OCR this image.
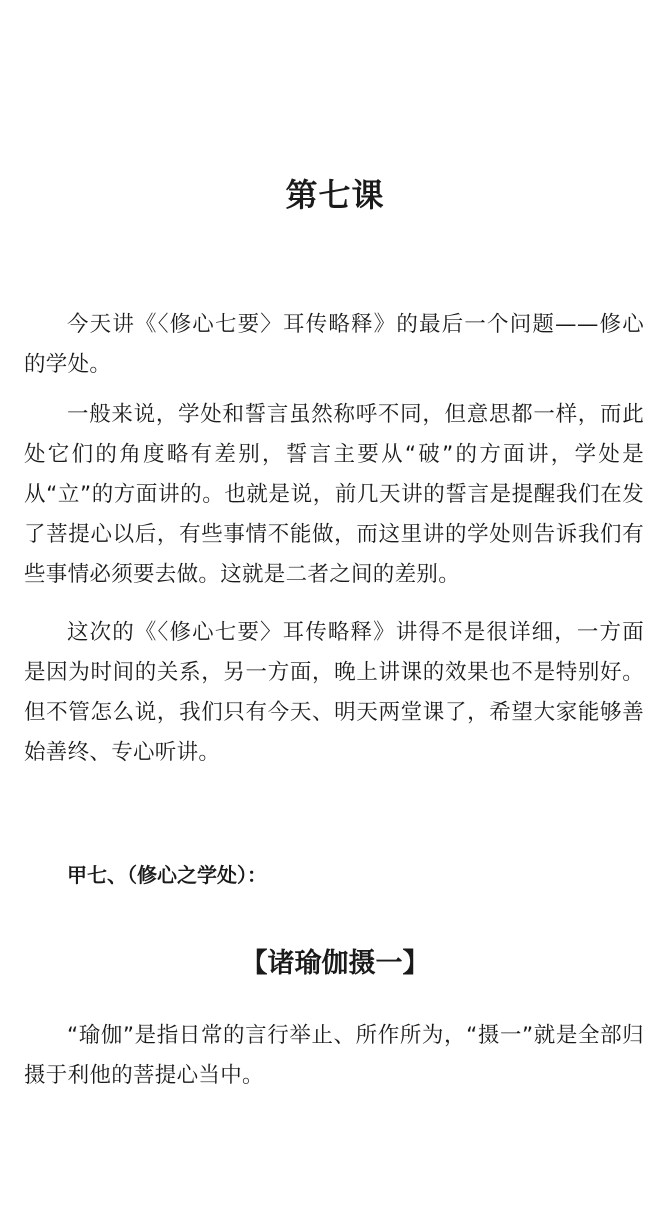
第七课

今天讲《〈修心七要〉耳传略释》的最后一个问题——修心的学处。

一般来说，学处和誓言虽然称呼不同，但意思都一样，而此处它们的角度略有差别，誓言主要从“破”的方面讲，学处是从“立”的方面讲的。也就是说，前几天讲的誓言是提醒我们在发了菩提心以后，有些事情不能做，而这里讲的学处则告诉我们有些事情必须要去做。这就是二者之间的差别。

这次的《〈修心七要〉耳传略释》讲得不是很详细，一方面是因为时间的关系，另一方面，晚上讲课的效果也不是特别好。但不管怎么说，我们只有今天、明天两堂课了，希望大家能够善始善终、专心听讲。

甲七、（修心之学处）：
【诸瑜伽摄一】

“瑜伽”是指日常的言行举止、所作所为，“摄一”就是全部归摄于利他的菩提心当中。
